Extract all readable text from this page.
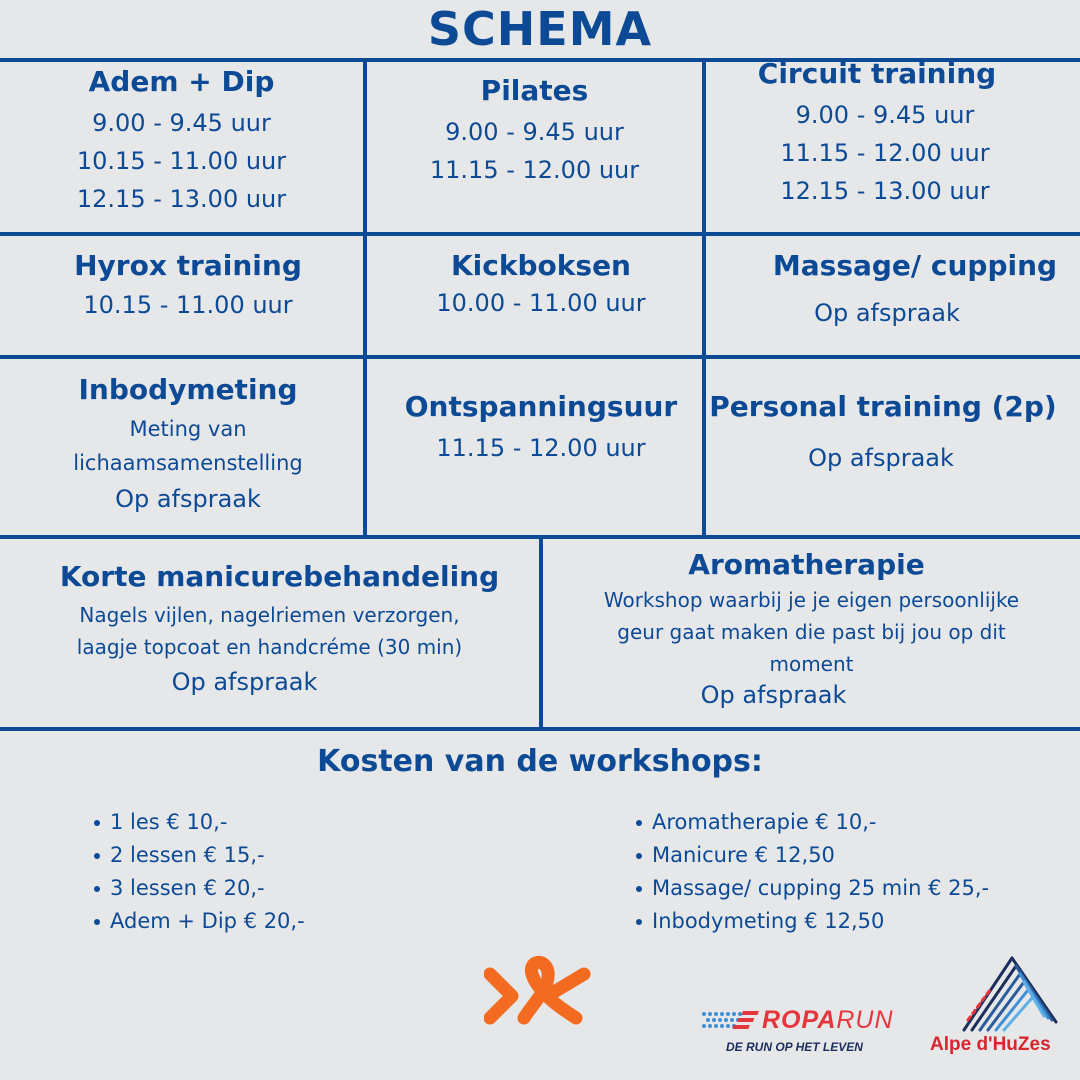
SCHEMA
Adem + Dip
9.00 - 9.45 uur
10.15 - 11.00 uur
12.15 - 13.00 uur
Pilates
9.00 - 9.45 uur
11.15 - 12.00 uur
Circuit training
9.00 - 9.45 uur
11.15 - 12.00 uur
12.15 - 13.00 uur
Hyrox training
10.15 - 11.00 uur
Kickboksen
10.00 - 11.00 uur
Massage/ cupping
Op afspraak
Inbodymeting
Meting van
lichaamsamenstelling
Op afspraak
Ontspanningsuur
11.15 - 12.00 uur
Personal training (2p)
Op afspraak
Korte manicurebehandeling
Nagels vijlen, nagelriemen verzorgen,
laagje topcoat en handcréme (30 min)
Op afspraak
Aromatherapie
Workshop waarbij je je eigen persoonlijke
geur gaat maken die past bij jou op dit
moment
Op afspraak
Kosten van de workshops:
1 les € 10,-
2 lessen € 15,-
3 lessen € 20,-
Adem + Dip € 20,-
Aromatherapie € 10,-
Manicure € 12,50
Massage/ cupping 25 min € 25,-
Inbodymeting € 12,50
ROPARUN
DE RUN OP HET LEVEN	Alpe d'HuZes
